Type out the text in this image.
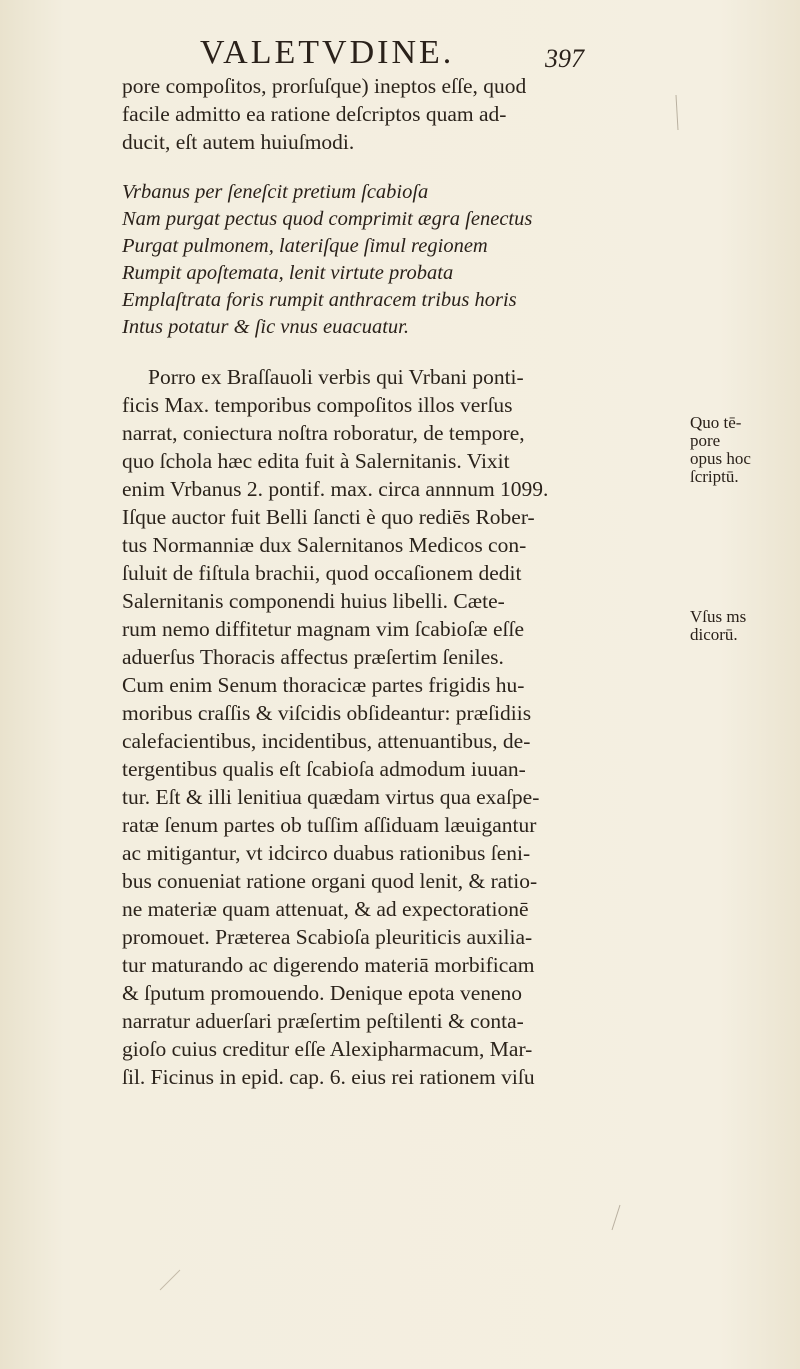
VALETVDINE.	397
pore compoſitos, prorſuſque) ineptos eſſe, quod
facile admitto ea ratione deſcriptos quam ad-
ducit, eſt autem huiuſmodi.
Vrbanus per ſeneſcit pretium ſcabioſa
Nam purgat pectus quod comprimit ægra ſenectus
Purgat pulmonem, lateriſque ſimul regionem
Rumpit apoſtemata, lenit virtute probata
Emplaſtrata foris rumpit anthracem tribus horis
Intus potatur & ſic vnus euacuatur.
Porro ex Braſſauoli verbis qui Vrbani ponti-
ficis Max. temporibus compoſitos illos verſus
narrat, coniectura noſtra roboratur, de tempore,
quo ſchola hæc edita fuit à Salernitanis. Vixit
enim Vrbanus 2. pontif. max. circa annnum 1099.
Iſque auctor fuit Belli ſancti è quo rediēs Rober-
tus Normanniæ dux Salernitanos Medicos con-
ſuluit de fiſtula brachii, quod occaſionem dedit
Salernitanis componendi huius libelli. Cæte-
rum nemo diffitetur magnam vim ſcabioſæ eſſe
aduerſus Thoracis affectus præſertim ſeniles.
Cum enim Senum thoracicæ partes frigidis hu-
moribus craſſis & viſcidis obſideantur: præſidiis
calefacientibus, incidentibus, attenuantibus, de-
tergentibus qualis eſt ſcabioſa admodum iuuan-
tur. Eſt & illi lenitiua quædam virtus qua exaſpe-
ratæ ſenum partes ob tuſſim aſſiduam læuigantur
ac mitigantur, vt idcirco duabus rationibus ſeni-
bus conueniat ratione organi quod lenit, & ratio-
ne materiæ quam attenuat, & ad expectorationē
promouet. Præterea Scabioſa pleuriticis auxilia-
tur maturando ac digerendo materiā morbificam
& ſputum promouendo. Denique epota veneno
narratur aduerſari præſertim peſtilenti & conta-
gioſo cuius creditur eſſe Alexipharmacum, Mar-
ſil. Ficinus in epid. cap. 6. eius rei rationem viſu
Quo tē-
pore
opus hoc
ſcriptū.
Vſus ms
dicorū.
